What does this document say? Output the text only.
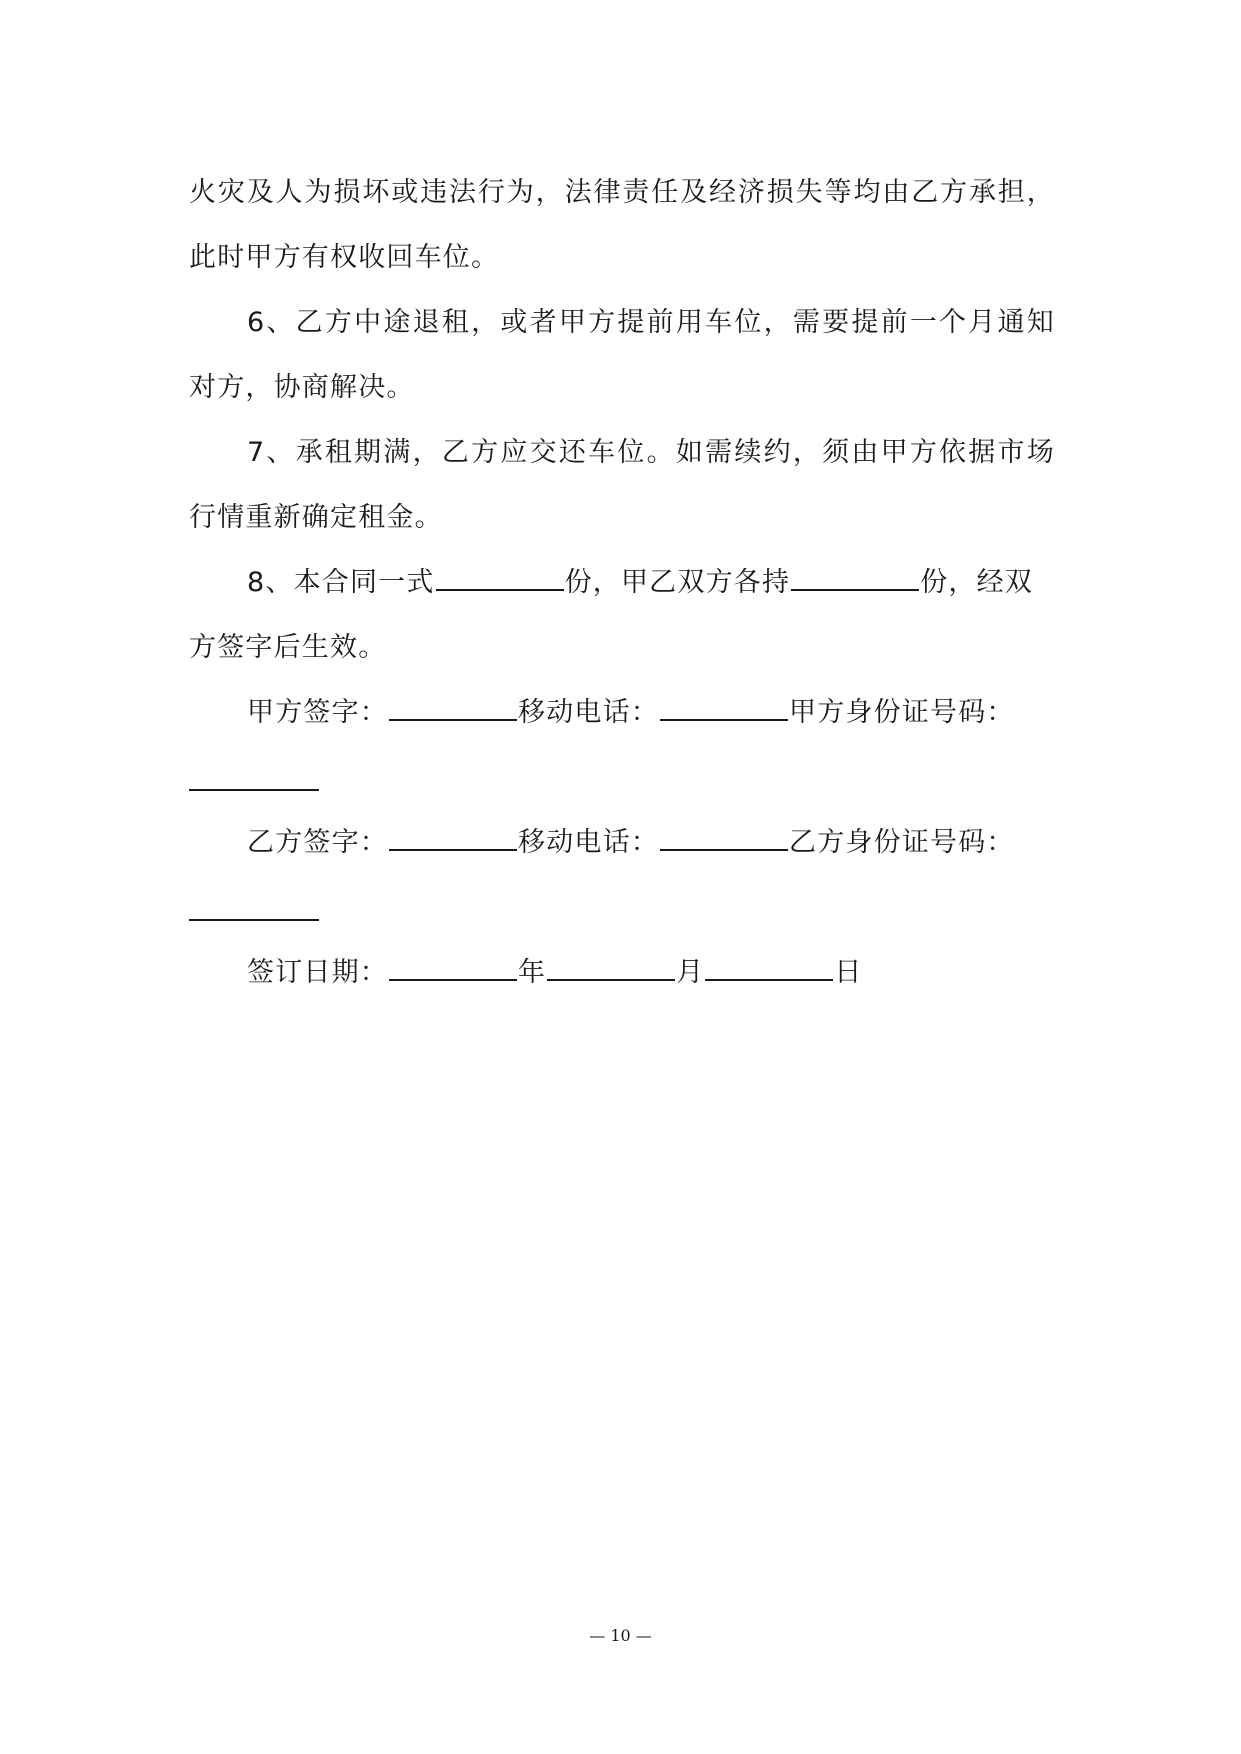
火灾及人为损坏或违法行为，法律责任及经济损失等均由乙方承担，
此时甲方有权收回车位。
6、乙方中途退租，或者甲方提前用车位，需要提前一个月通知
对方，协商解决。
7、承租期满，乙方应交还车位。如需续约，须由甲方依据市场
行情重新确定租金。
8、本合同一式	份，甲乙双方各持	份，经双
方签字后生效。
甲方签字：	移动电话：	甲方身份证号码：
乙方签字：	移动电话：	乙方身份证号码：
签订日期：	年	月	日
— 10 —
